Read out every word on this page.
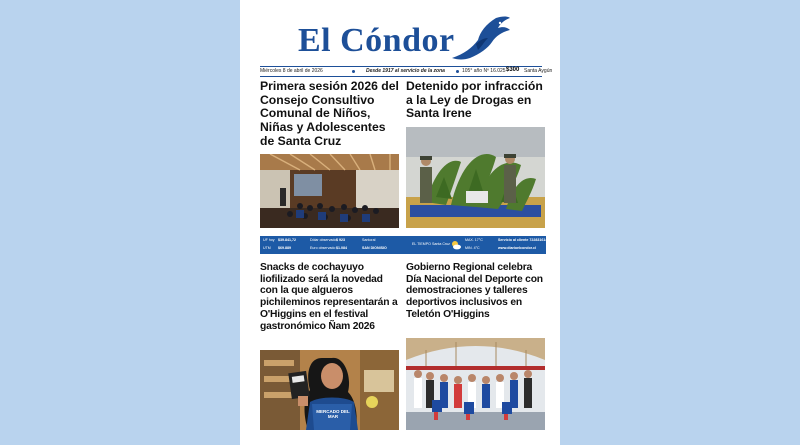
El Cóndor
Miércoles 8 de abril de 2026	Desde 1917 al servicio de la zona	105° año Nº 16.025 $300 Santa Aygún
Primera sesión 2026 del Consejo Consultivo Comunal de Niños, Niñas y Adolescentes de Santa Cruz
Detenido por infracción a la Ley de Drogas en Santa Irene
UF hoy $39.841,72
UTM $69.889
Dólar observado $ 923
Euro observado $1.084
Santoral
SAN DIONISIO
EL TIEMPO Santa Cruz
MAX. 17°C
MIN. 4°C
Servicio al cliente 722831614
www.diarioelcondor.cl
Snacks de cochayuyo liofilizado será la novedad con la que algueros pichileminos representarán a O'Higgins en el festival gastronómico Ñam 2026
MERCADO DEL MAR
Gobierno Regional celebra Día Nacional del Deporte con demostraciones y talleres deportivos inclusivos en Teletón O'Higgins
